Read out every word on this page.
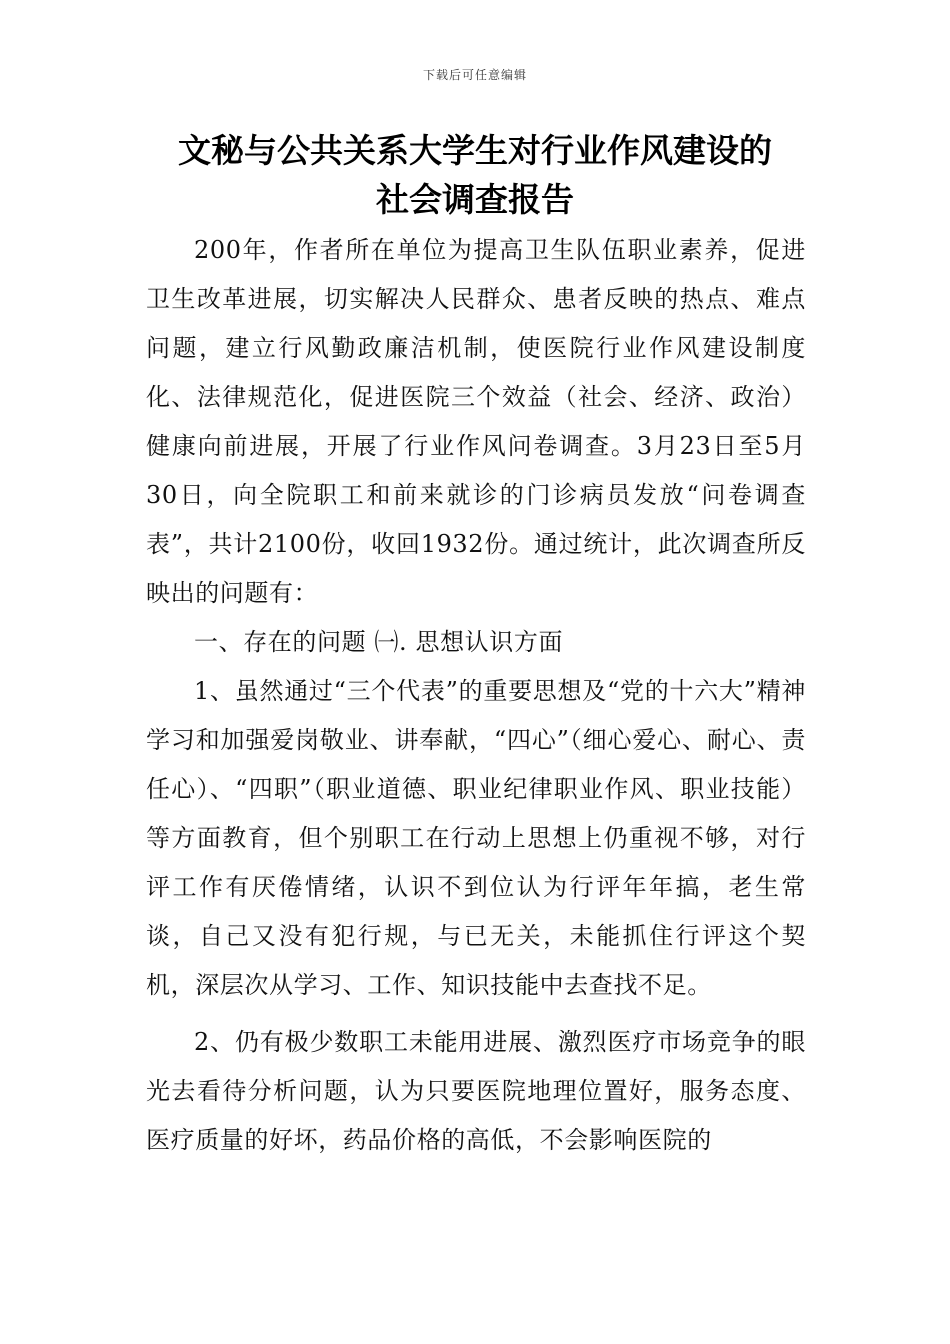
下载后可任意编辑
文秘与公共关系大学生对行业作风建设的
社会调查报告

200年，作者所在单位为提高卫生队伍职业素养，促进卫生改革进展，切实解决人民群众、患者反映的热点、难点问题，建立行风勤政廉洁机制，使医院行业作风建设制度化、法律规范化，促进医院三个效益（社会、经济、政治）健康向前进展，开展了行业作风问卷调查。3月23日至5月30日，向全院职工和前来就诊的门诊病员发放“问卷调查表”，共计2100份，收回1932份。通过统计，此次调查所反映出的问题有：

一、存在的问题 ㈠. 思想认识方面

1、虽然通过“三个代表”的重要思想及“党的十六大”精神学习和加强爱岗敬业、讲奉献，“四心”（细心爱心、耐心、责任心）、“四职”（职业道德、职业纪律职业作风、职业技能）等方面教育，但个别职工在行动上思想上仍重视不够，对行评工作有厌倦情绪，认识不到位认为行评年年搞，老生常谈，自己又没有犯行规，与已无关，未能抓住行评这个契机，深层次从学习、工作、知识技能中去查找不足。

2、仍有极少数职工未能用进展、激烈医疗市场竞争的眼光去看待分析问题，认为只要医院地理位置好，服务态度、医疗质量的好坏，药品价格的高低，不会影响医院的
